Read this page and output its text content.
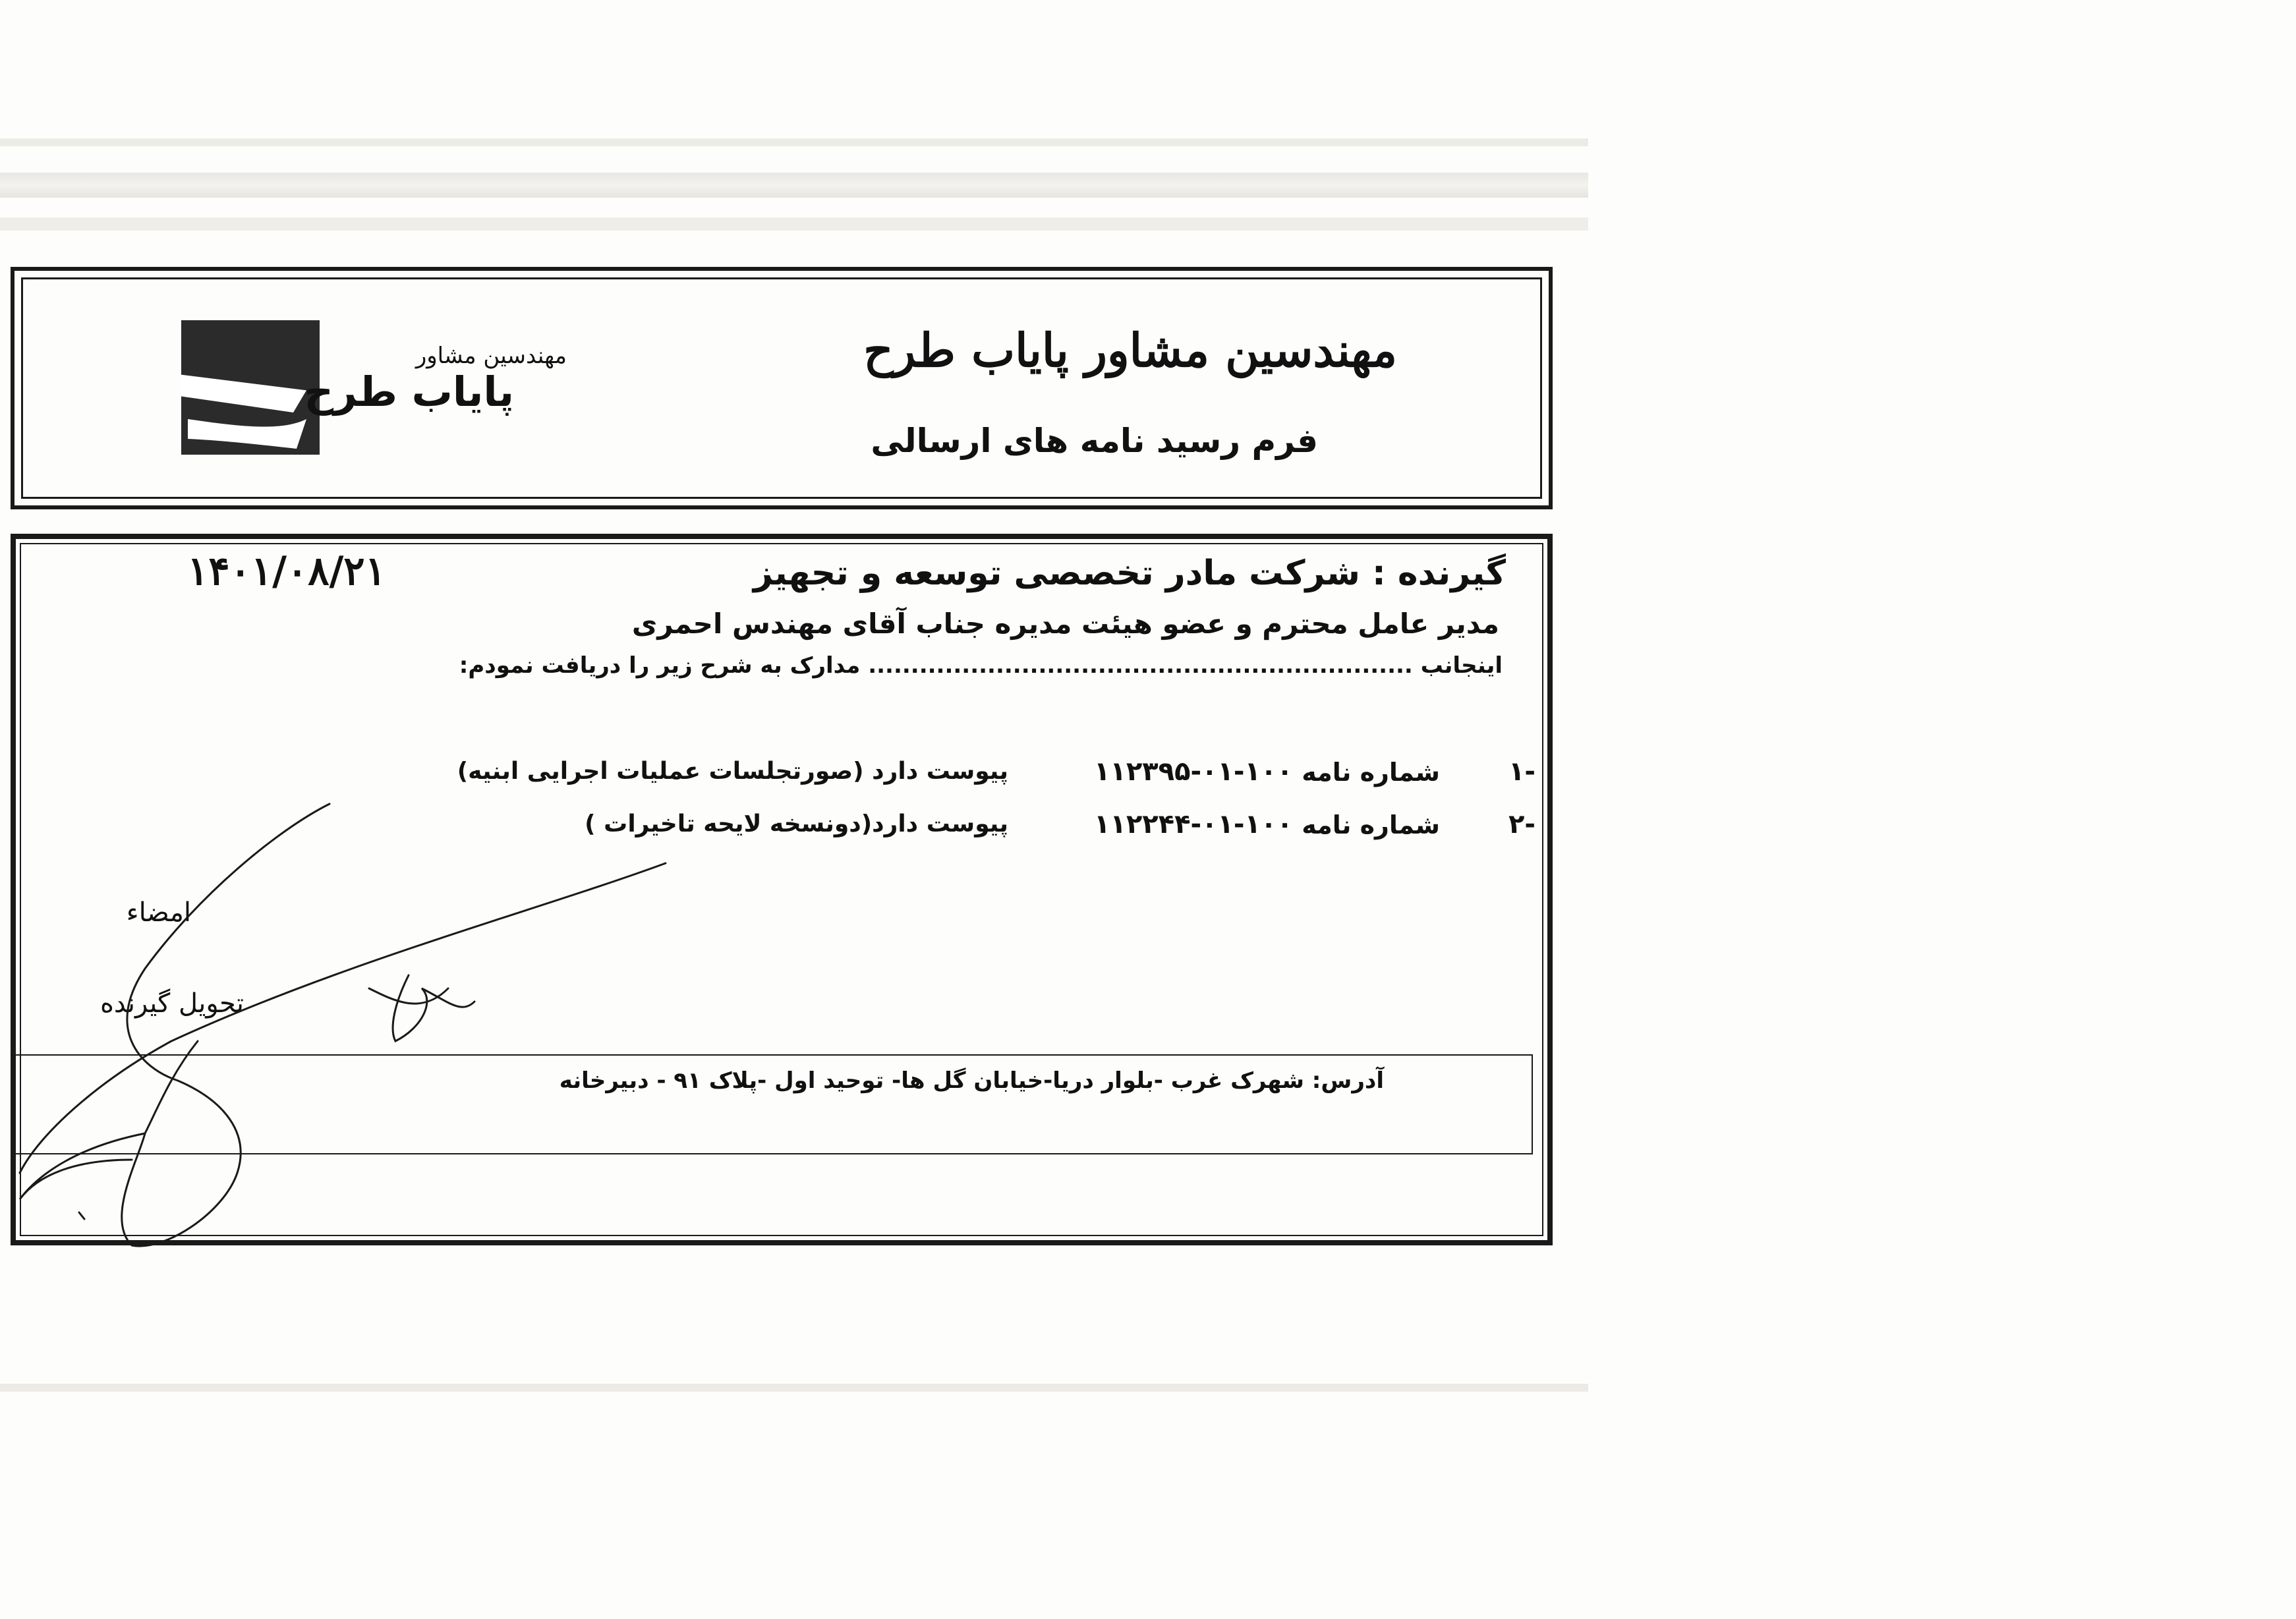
مهندسین مشاور
پایاب طرح
مهندسین مشاور پایاب طرح
فرم رسید نامه های ارسالی
۱۴۰۱/۰۸/۲۱	گیرنده : شرکت مادر تخصصی توسعه و تجهیز
مدیر عامل محترم و عضو هیئت مدیره جناب آقای مهندس احمری
اینجانب ................................................................ مدارک به شرح زیر را دریافت نمودم:
۱-
شماره نامه
۱۱۲۳۹۵-۰۱-۱۰۰
پیوست دارد (صورتجلسات عملیات اجرایی ابنیه)
۲-
شماره نامه
۱۱۲۲۴۴-۰۱-۱۰۰
پیوست دارد(دونسخه لایحه تاخیرات )
امضاء
تحویل گیرنده
آدرس: شهرک غرب -بلوار دریا-خیابان گل ها- توحید اول -پلاک ۹۱ - دبیرخانه
